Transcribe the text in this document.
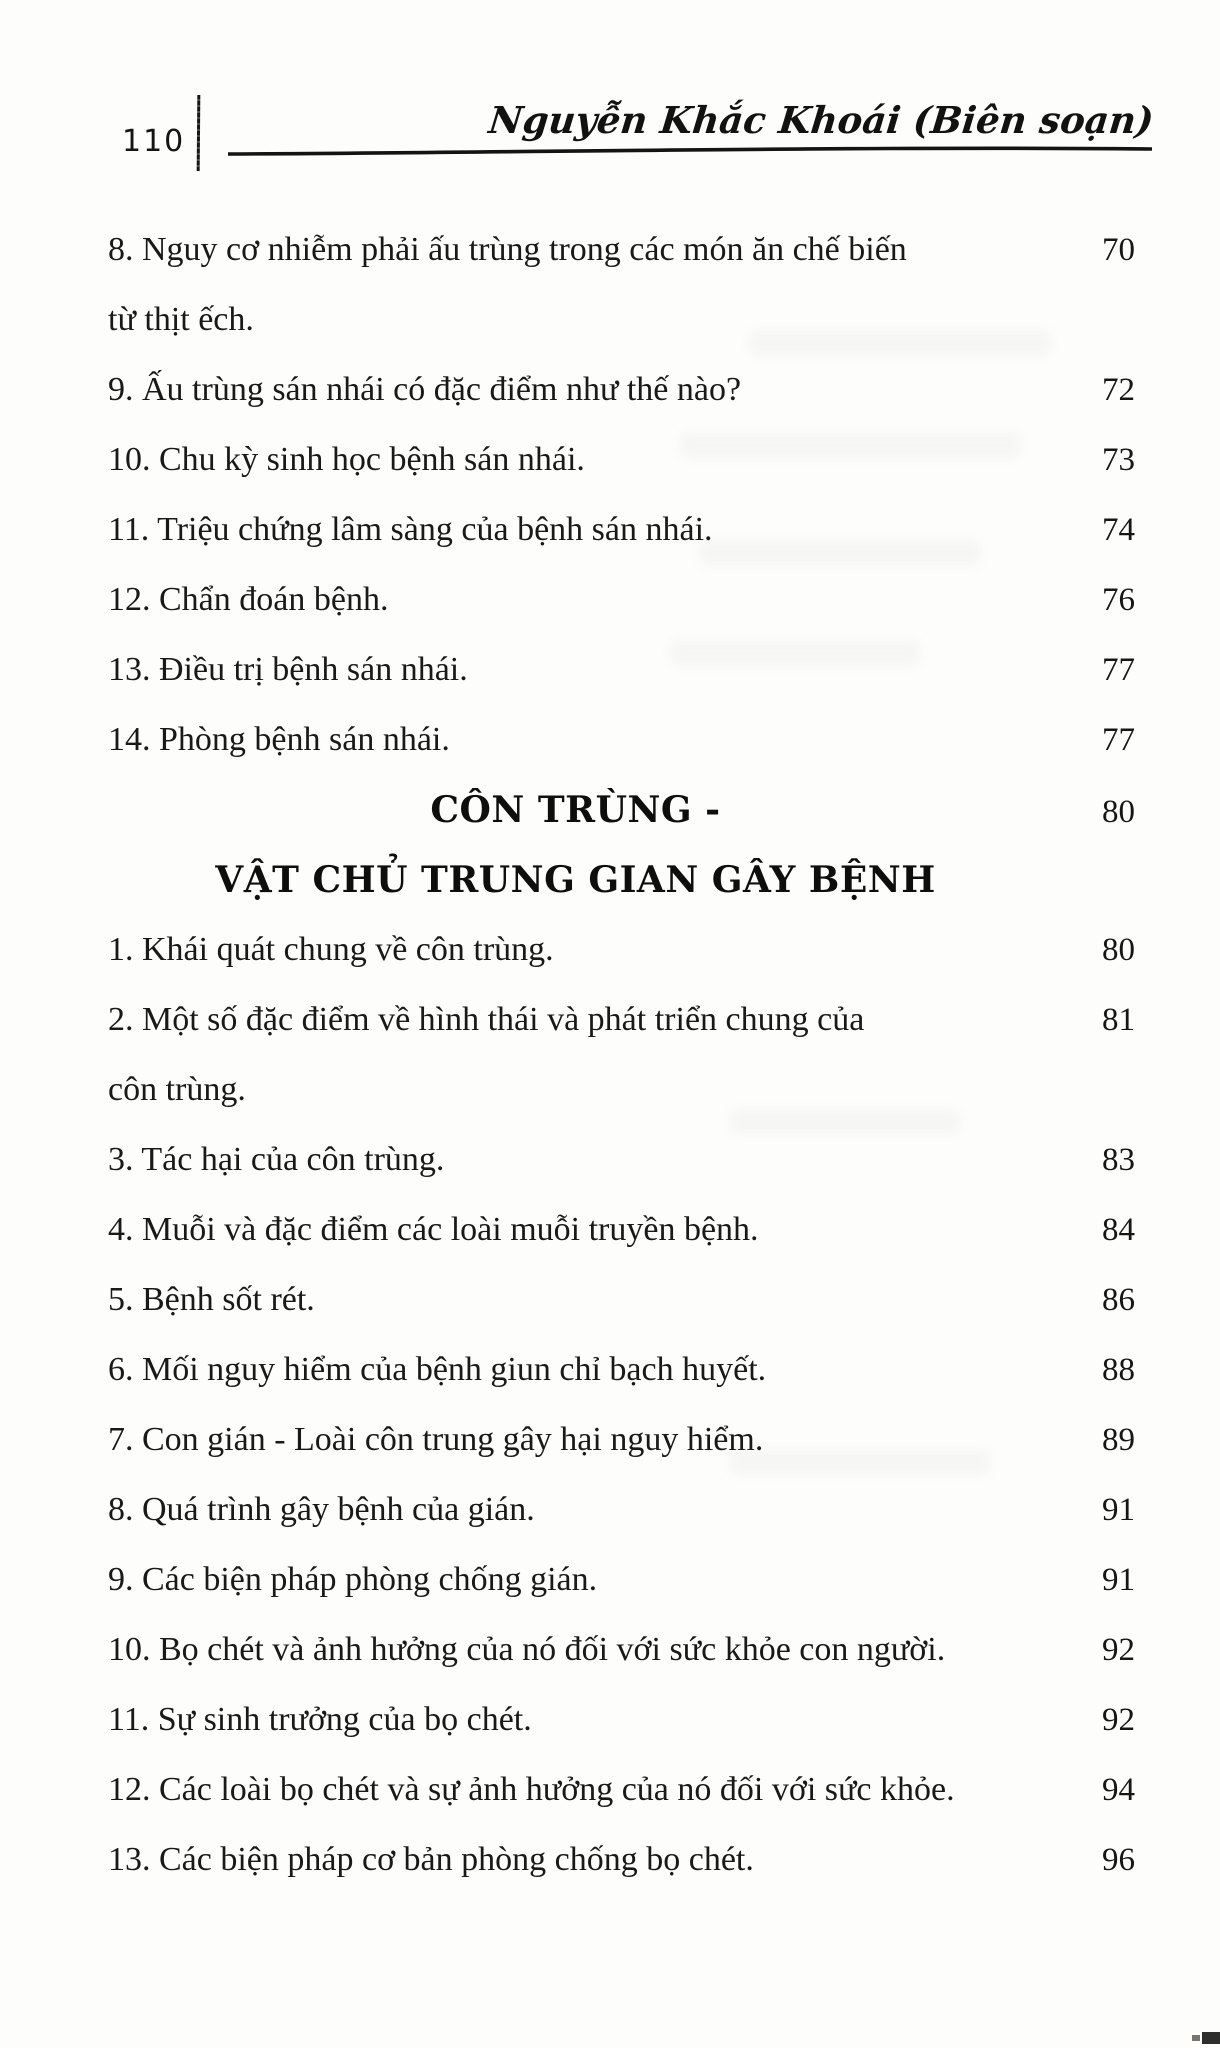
110	Nguyễn Khắc Khoái (Biên soạn)
8. Nguy cơ nhiễm phải ấu trùng trong các món ăn chế biến	70
từ thịt ếch.
9. Ấu trùng sán nhái có đặc điểm như thế nào?	72
10. Chu kỳ sinh học bệnh sán nhái.	73
11. Triệu chứng lâm sàng của bệnh sán nhái.	74
12. Chẩn đoán bệnh.	76
13. Điều trị bệnh sán nhái.	77
14. Phòng bệnh sán nhái.	77
CÔN TRÙNG -	80
VẬT CHỦ TRUNG GIAN GÂY BỆNH
1. Khái quát chung về côn trùng.	80
2. Một số đặc điểm về hình thái và phát triển chung của	81
côn trùng.
3. Tác hại của côn trùng.	83
4. Muỗi và đặc điểm các loài muỗi truyền bệnh.	84
5. Bệnh sốt rét.	86
6. Mối nguy hiểm của bệnh giun chỉ bạch huyết.	88
7. Con gián - Loài côn trung gây hại nguy hiểm.	89
8. Quá trình gây bệnh của gián.	91
9. Các biện pháp phòng chống gián.	91
10. Bọ chét và ảnh hưởng của nó đối với sức khỏe con người.	92
11. Sự sinh trưởng của bọ chét.	92
12. Các loài bọ chét và sự ảnh hưởng của nó đối với sức khỏe.	94
13. Các biện pháp cơ bản phòng chống bọ chét.	96
